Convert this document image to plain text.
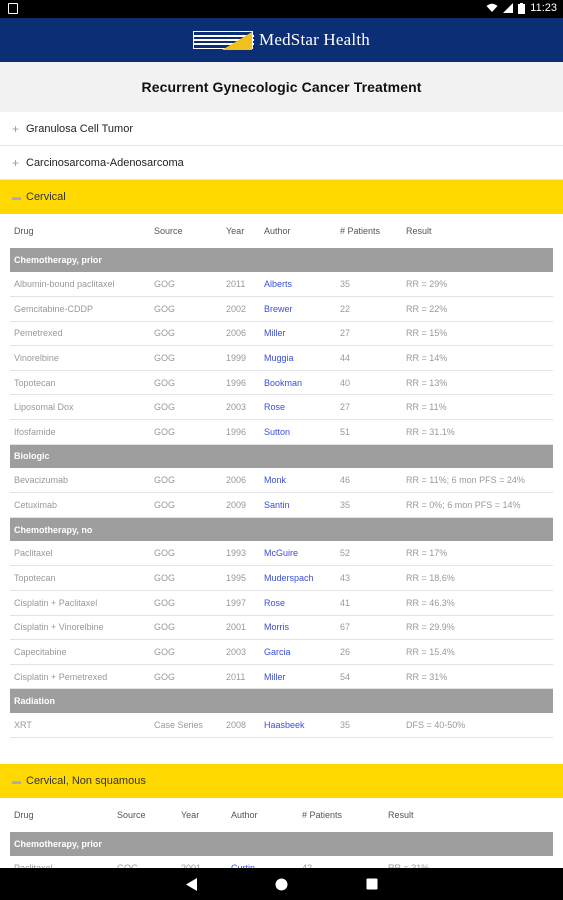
11:23
MedStar Health
Recurrent Gynecologic Cancer Treatment
+ Granulosa Cell Tumor
+ Carcinosarcoma-Adenosarcoma
▬ Cervical
Drug	Source	Year	Author	# Patients	Result
Chemotherapy, prior					
Albumin-bound paclitaxel	GOG	2011	Alberts	35	RR = 29%
Gemcitabine-CDDP	GOG	2002	Brewer	22	RR = 22%
Pemetrexed	GOG	2006	Miller	27	RR = 15%
Vinorelbine	GOG	1999	Muggia	44	RR = 14%
Topotecan	GOG	1996	Bookman	40	RR = 13%
Liposomal Dox	GOG	2003	Rose	27	RR = 11%
Ifosfamide	GOG	1996	Sutton	51	RR = 31.1%
Biologic					
Bevacizumab	GOG	2006	Monk	46	RR = 11%; 6 mon PFS = 24%
Cetuximab	GOG	2009	Santin	35	RR = 0%; 6 mon PFS = 14%
Chemotherapy, no					
Paclitaxel	GOG	1993	McGuire	52	RR = 17%
Topotecan	GOG	1995	Muderspach	43	RR = 18.6%
Cisplatin + Paclitaxel	GOG	1997	Rose	41	RR = 46.3%
Cisplatin + Vinorelbine	GOG	2001	Morris	67	RR = 29.9%
Capecitabine	GOG	2003	Garcia	26	RR = 15.4%
Cisplatin + Pemetrexed	GOG	2011	Miller	54	RR = 31%
Radiation					
XRT	Case Series	2008	Haasbeek	35	DFS = 40-50%
▬ Cervical, Non squamous
Drug	Source	Year	Author	# Patients	Result
Chemotherapy, prior					
